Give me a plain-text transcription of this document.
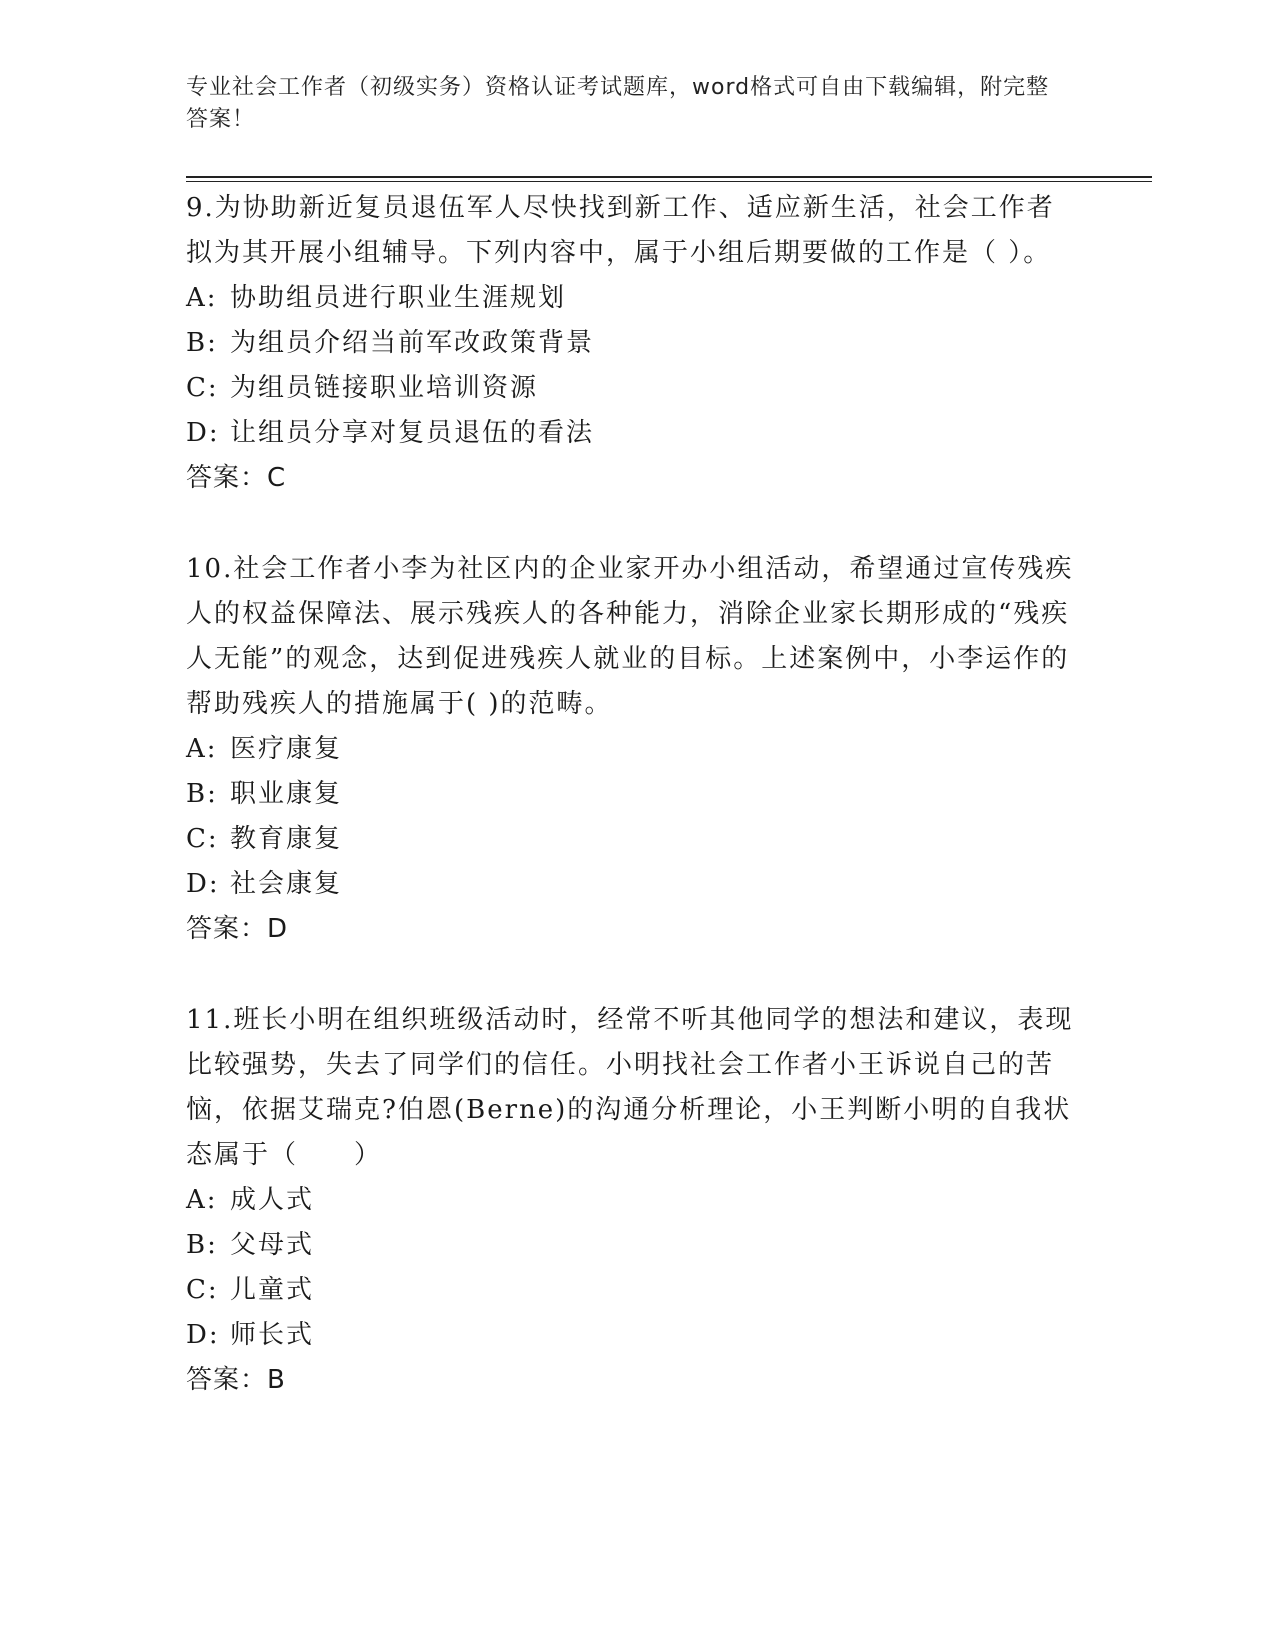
专业社会工作者（初级实务）资格认证考试题库，word格式可自由下载编辑，附完整答案！

9.为协助新近复员退伍军人尽快找到新工作、适应新生活，社会工作者拟为其开展小组辅导。下列内容中，属于小组后期要做的工作是（ ）。

A: 协助组员进行职业生涯规划

B: 为组员介绍当前军改政策背景

C: 为组员链接职业培训资源

D: 让组员分享对复员退伍的看法

答案：C

10.社会工作者小李为社区内的企业家开办小组活动，希望通过宣传残疾人的权益保障法、展示残疾人的各种能力，消除企业家长期形成的“残疾人无能”的观念，达到促进残疾人就业的目标。上述案例中，小李运作的帮助残疾人的措施属于( )的范畴。

A: 医疗康复

B: 职业康复

C: 教育康复

D: 社会康复

答案：D

11.班长小明在组织班级活动时，经常不听其他同学的想法和建议，表现比较强势，失去了同学们的信任。小明找社会工作者小王诉说自己的苦恼，依据艾瑞克?伯恩(Berne)的沟通分析理论，小王判断小明的自我状态属于（　　）

A: 成人式

B: 父母式

C: 儿童式

D: 师长式

答案：B
